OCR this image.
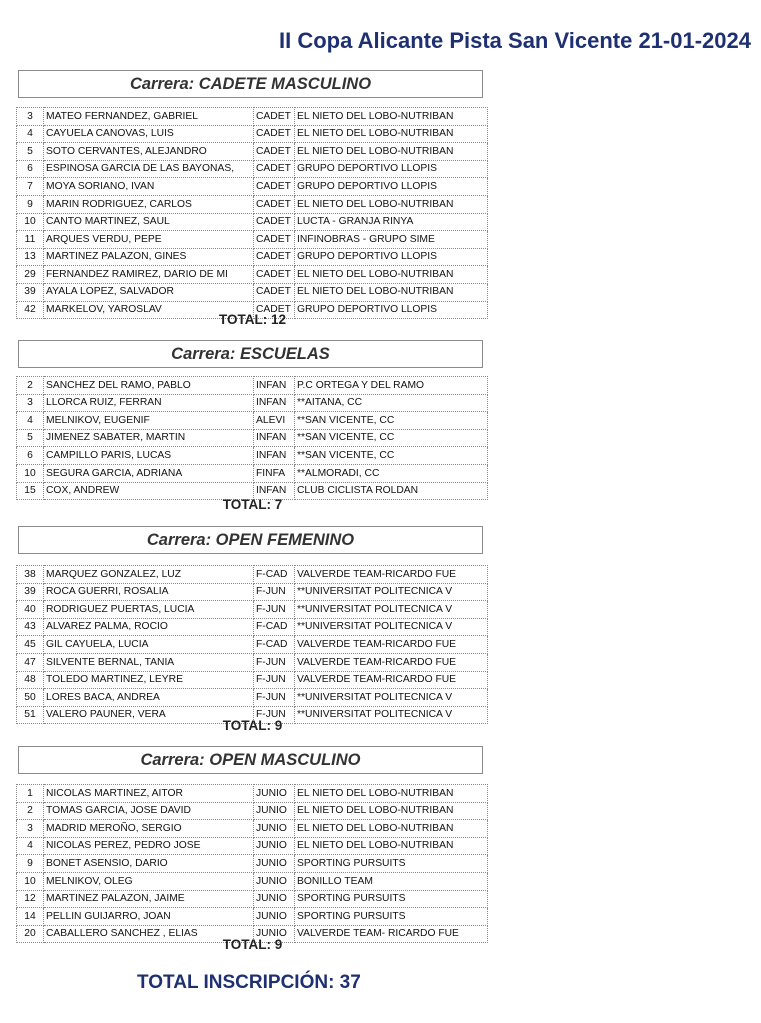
II Copa Alicante Pista San Vicente 21-01-2024
Carrera: CADETE MASCULINO
3	MATEO FERNANDEZ, GABRIEL	CADET	EL NIETO DEL LOBO-NUTRIBAN
4	CAYUELA CANOVAS, LUIS	CADET	EL NIETO DEL LOBO-NUTRIBAN
5	SOTO CERVANTES, ALEJANDRO	CADET	EL NIETO DEL LOBO-NUTRIBAN
6	ESPINOSA GARCIA DE LAS BAYONAS,	CADET	GRUPO DEPORTIVO LLOPIS
7	MOYA SORIANO, IVAN	CADET	GRUPO DEPORTIVO LLOPIS
9	MARIN RODRIGUEZ, CARLOS	CADET	EL NIETO DEL LOBO-NUTRIBAN
10	CANTO MARTINEZ, SAUL	CADET	LUCTA - GRANJA RINYA
11	ARQUES VERDU, PEPE	CADET	INFINOBRAS - GRUPO SIME
13	MARTINEZ PALAZON, GINES	CADET	GRUPO DEPORTIVO LLOPIS
29	FERNANDEZ RAMIREZ, DARIO DE MI	CADET	EL NIETO DEL LOBO-NUTRIBAN
39	AYALA LOPEZ, SALVADOR	CADET	EL NIETO DEL LOBO-NUTRIBAN
42	MARKELOV, YAROSLAV	CADET	GRUPO DEPORTIVO LLOPIS
TOTAL: 12
Carrera: ESCUELAS
2	SANCHEZ DEL RAMO, PABLO	INFAN	P.C ORTEGA Y DEL RAMO
3	LLORCA RUIZ, FERRAN	INFAN	**AITANA, CC
4	MELNIKOV, EUGENIF	ALEVI	**SAN VICENTE, CC
5	JIMENEZ SABATER, MARTIN	INFAN	**SAN VICENTE, CC
6	CAMPILLO PARIS, LUCAS	INFAN	**SAN VICENTE, CC
10	SEGURA GARCIA, ADRIANA	FINFA	**ALMORADI, CC
15	COX, ANDREW	INFAN	CLUB CICLISTA ROLDAN
TOTAL: 7
Carrera: OPEN FEMENINO
38	MARQUEZ GONZALEZ, LUZ	F-CAD	VALVERDE TEAM-RICARDO FUE
39	ROCA GUERRI, ROSALIA	F-JUN	**UNIVERSITAT POLITECNICA V
40	RODRIGUEZ PUERTAS, LUCIA	F-JUN	**UNIVERSITAT POLITECNICA V
43	ALVAREZ PALMA, ROCIO	F-CAD	**UNIVERSITAT POLITECNICA V
45	GIL CAYUELA, LUCIA	F-CAD	VALVERDE TEAM-RICARDO FUE
47	SILVENTE BERNAL, TANIA	F-JUN	VALVERDE TEAM-RICARDO FUE
48	TOLEDO MARTINEZ, LEYRE	F-JUN	VALVERDE TEAM-RICARDO FUE
50	LORES BACA, ANDREA	F-JUN	**UNIVERSITAT POLITECNICA V
51	VALERO PAUNER, VERA	F-JUN	**UNIVERSITAT POLITECNICA V
TOTAL: 9
Carrera: OPEN MASCULINO
1	NICOLAS MARTINEZ, AITOR	JUNIO	EL NIETO DEL LOBO-NUTRIBAN
2	TOMAS GARCIA, JOSE DAVID	JUNIO	EL NIETO DEL LOBO-NUTRIBAN
3	MADRID MEROÑO, SERGIO	JUNIO	EL NIETO DEL LOBO-NUTRIBAN
4	NICOLAS PEREZ, PEDRO JOSE	JUNIO	EL NIETO DEL LOBO-NUTRIBAN
9	BONET ASENSIO, DARIO	JUNIO	SPORTING PURSUITS
10	MELNIKOV, OLEG	JUNIO	BONILLO TEAM
12	MARTINEZ PALAZON, JAIME	JUNIO	SPORTING PURSUITS
14	PELLIN GUIJARRO, JOAN	JUNIO	SPORTING PURSUITS
20	CABALLERO SANCHEZ , ELIAS	JUNIO	VALVERDE TEAM- RICARDO FUE
TOTAL: 9
TOTAL INSCRIPCIÓN: 37
